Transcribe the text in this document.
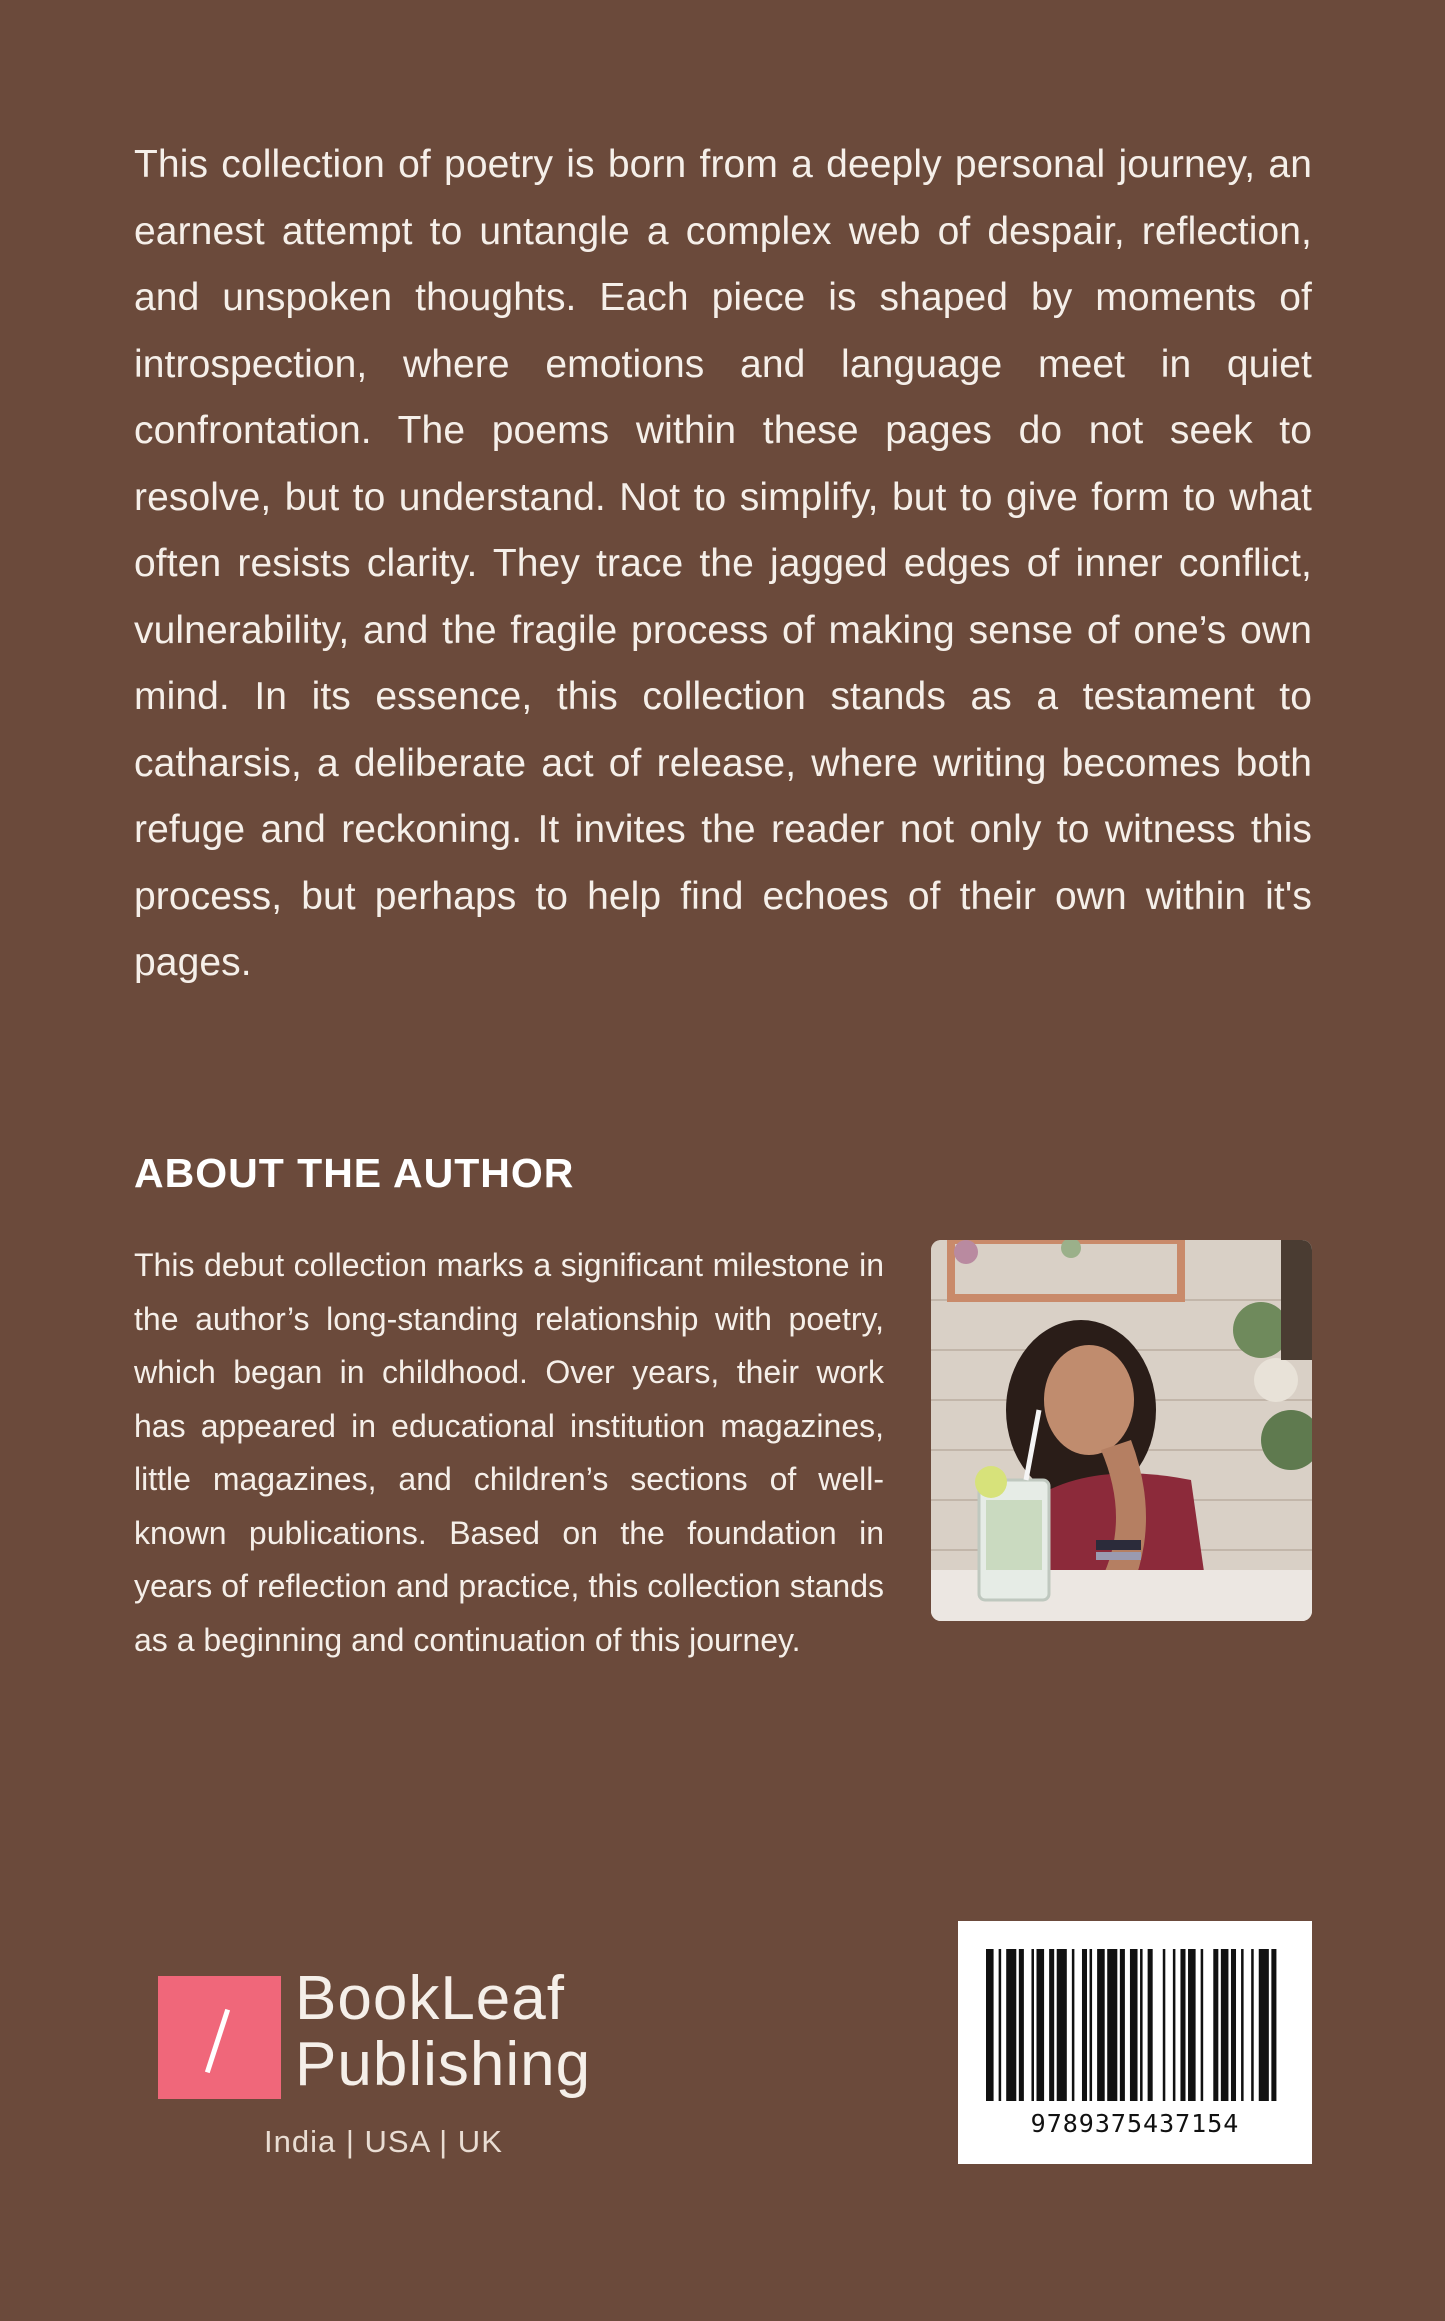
This collection of poetry is born from a deeply personal journey, an earnest attempt to untangle a complex web of despair, reflection, and unspoken thoughts. Each piece is shaped by moments of introspection, where emotions and language meet in quiet confrontation. The poems within these pages do not seek to resolve, but to understand. Not to simplify, but to give form to what often resists clarity. They trace the jagged edges of inner conflict, vulnerability, and the fragile process of making sense of one’s own mind. In its essence, this collection stands as a testament to catharsis, a deliberate act of release, where writing becomes both refuge and reckoning. It invites the reader not only to witness this process, but perhaps to help find echoes of their own within it's pages.

ABOUT THE AUTHOR

This debut collection marks a significant milestone in the author’s long-standing relationship with poetry, which began in childhood. Over years, their work has appeared in educational institution magazines, little magazines, and children’s sections of well-known publications. Based on the foundation in years of reflection and practice, this collection stands as a beginning and continuation of this journey.

BookLeaf
Publishing
India | USA | UK
9789375437154
